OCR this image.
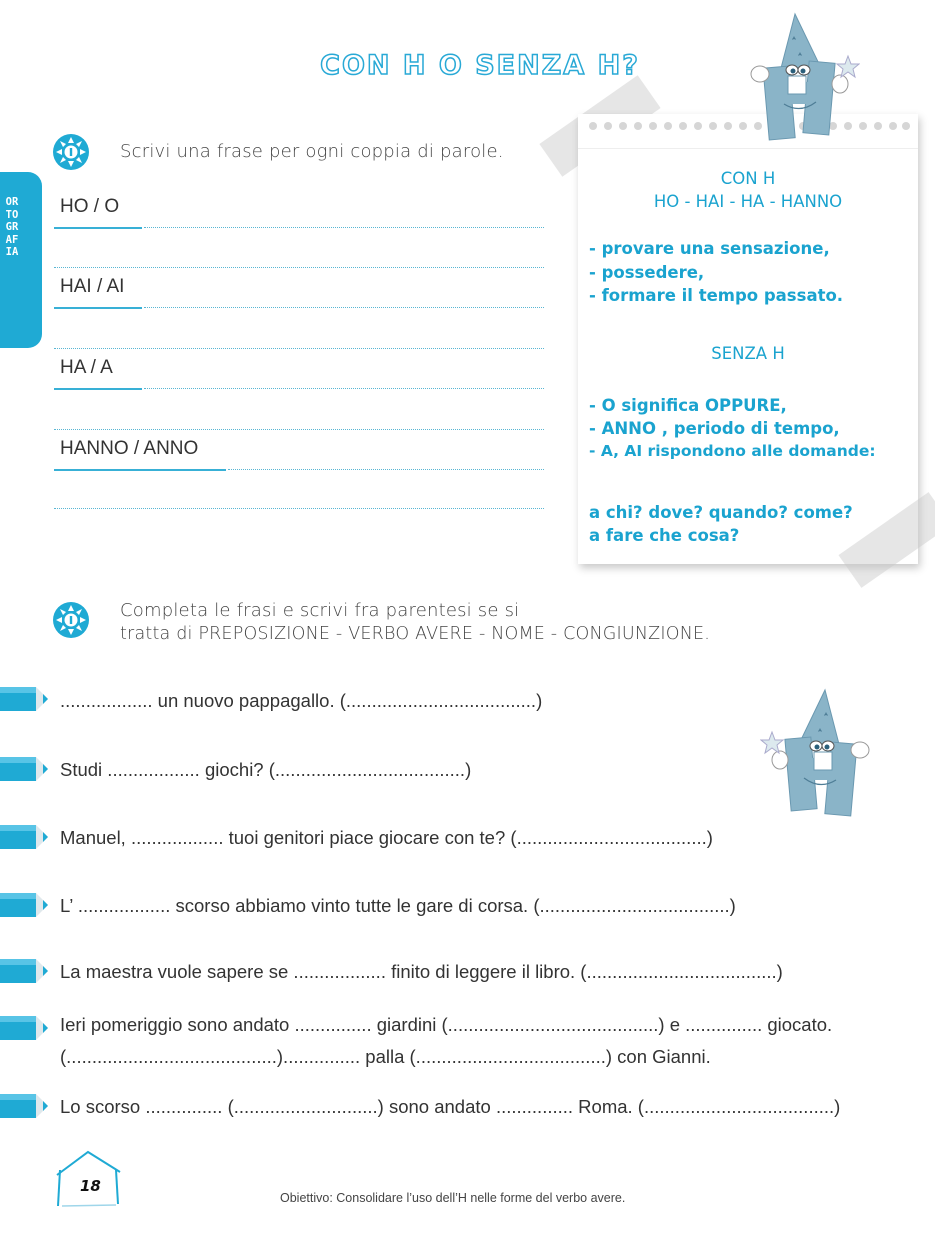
CON H O SENZA H?
ORTOGRAFIA
Scrivi una frase per ogni coppia di parole.
HO / O
HAI / AI
HA / A
HANNO / ANNO
CON H
HO - HAI - HA - HANNO
- provare una sensazione,
- possedere,
- formare il tempo passato.
SENZA H
- O significa OPPURE,
- ANNO , periodo di tempo,
- A, AI rispondono alle domande:
a chi? dove? quando? come?
a fare che cosa?
Completa le frasi e scrivi fra parentesi se si
tratta di PREPOSIZIONE - VERBO AVERE - NOME - CONGIUNZIONE.
.................. un nuovo pappagallo. (.....................................)
Studi .................. giochi? (.....................................)
Manuel, .................. tuoi genitori piace giocare con te? (.....................................)
L’ .................. scorso abbiamo vinto tutte le gare di corsa. (.....................................)
La maestra vuole sapere se .................. finito di leggere il libro. (.....................................)
Ieri pomeriggio sono andato ............... giardini (.........................................) e ............... giocato.
(.........................................)............... palla (.....................................) con Gianni.
Lo scorso ............... (............................) sono andato ............... Roma. (.....................................)
18
Obiettivo: Consolidare l’uso dell’H nelle forme del verbo avere.
